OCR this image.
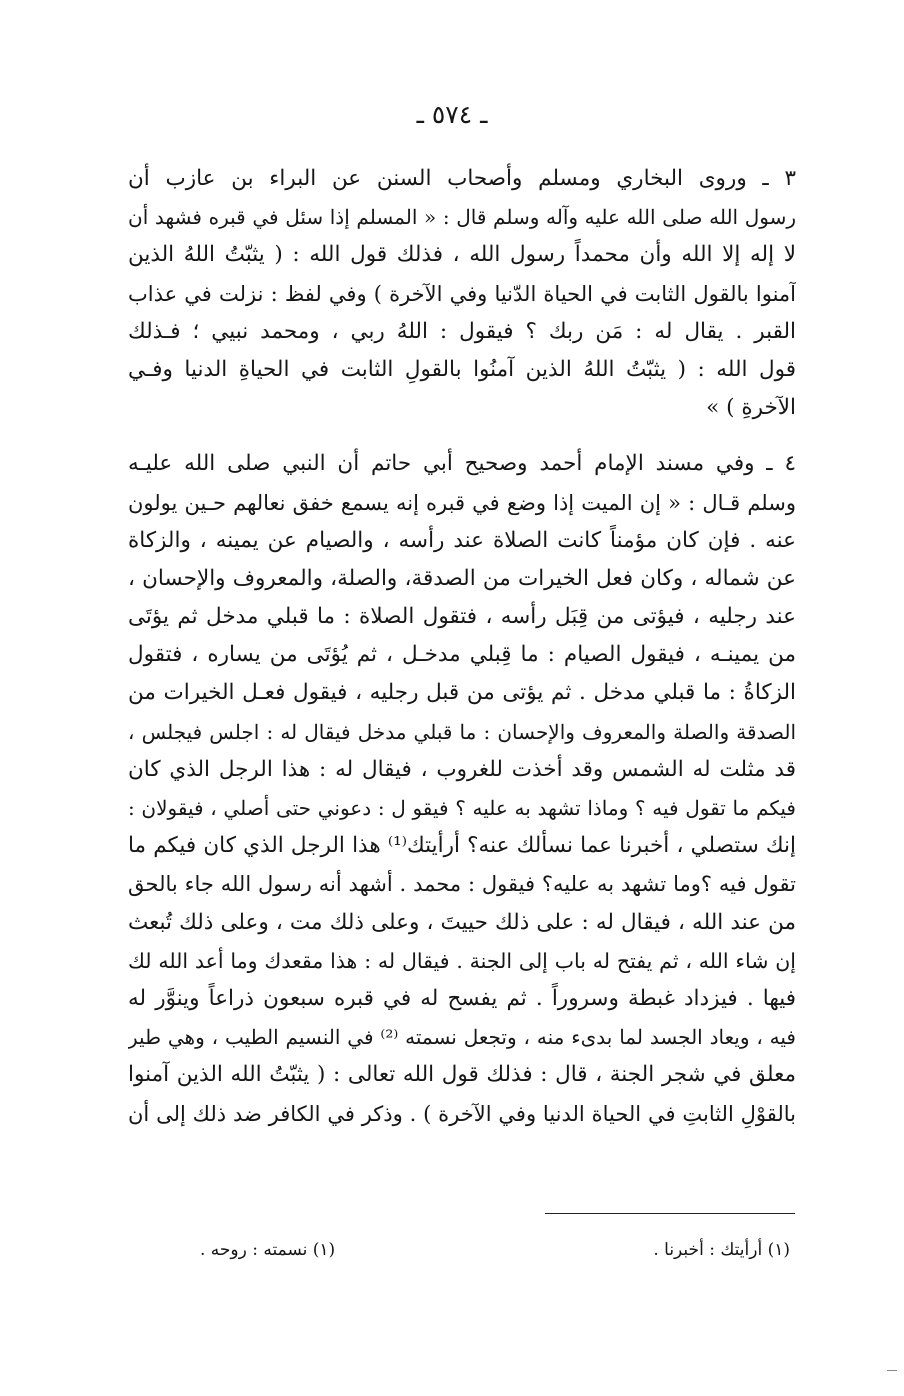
ـ ٥٧٤ ـ
٣ ـ وروى البخاري ومسلم وأصحاب السنن عن البراء بن عازب أن
رسول الله صلى الله عليه وآله وسلم قال : « المسلم إذا سئل في قبره فشهد أن
لا إله إلا الله وأن محمداً رسول الله ، فذلك قول الله : ( يثبّتُ اللهُ الذين
آمنوا بالقول الثابت في الحياة الدّنيا وفي الآخرة ) وفي لفظ : نزلت في عذاب
القبر . يقال له : مَن ربك ؟ فيقول : اللهُ ربي ، ومحمد نبيي ؛ فـذلك
قول الله : ( يثبّتُ اللهُ الذين آمنُوا بالقولِ الثابت في الحياةِ الدنيا وفـي
الآخرةِ ) »
٤ ـ وفي مسند الإمام أحمد وصحيح أبي حاتم أن النبي صلى الله عليـه
وسلم قـال : « إن الميت إذا وضع في قبره إنه يسمع خفق نعالهم حـين يولون
عنه . فإن كان مؤمناً كانت الصلاة عند رأسه ، والصيام عن يمينه ، والزكاة
عن شماله ، وكان فعل الخيرات من الصدقة، والصلة، والمعروف والإحسان ،
عند رجليه ، فيؤتى من قِبَل رأسه ، فتقول الصلاة : ما قبلي مدخل ثم يؤتَى
من يمينـه ، فيقول الصيام : ما قِبلي مدخـل ، ثم يُؤتَى من يساره ، فتقول
الزكاةُ : ما قبلي مدخل . ثم يؤتى من قبل رجليه ، فيقول فعـل الخيرات من
الصدقة والصلة والمعروف والإحسان : ما قبلي مدخل فيقال له : اجلس فيجلس ،
قد مثلت له الشمس وقد أخذت للغروب ، فيقال له : هذا الرجل الذي كان
فيكم ما تقول فيه ؟ وماذا تشهد به عليه ؟ فيقو ل : دعوني حتى أصلي ، فيقولان :
إنك ستصلي ، أخبرنا عما نسألك عنه؟ أرأيتك⁽¹⁾ هذا الرجل الذي كان فيكم ما
تقول فيه ؟وما تشهد به عليه؟ فيقول : محمد . أشهد أنه رسول الله جاء بالحق
من عند الله ، فيقال له : على ذلك حييتَ ، وعلى ذلك مت ، وعلى ذلك تُبعث
إن شاء الله ، ثم يفتح له باب إلى الجنة . فيقال له : هذا مقعدك وما أعد الله لك
فيها . فيزداد غبطة وسروراً . ثم يفسح له في قبره سبعون ذراعاً وينوَّر له
فيه ، ويعاد الجسد لما بدىء منه ، وتجعل نسمته ⁽²⁾ في النسيم الطيب ، وهي طير
معلق في شجر الجنة ، قال : فذلك قول الله تعالى : ( يثبّتُ الله الذين آمنوا
بالقوْلِ الثابتِ في الحياة الدنيا وفي الآخرة ) . وذكر في الكافر ضد ذلك إلى أن
(١) أرأيتك : أخبرنا .
(١) نسمته : روحه .
